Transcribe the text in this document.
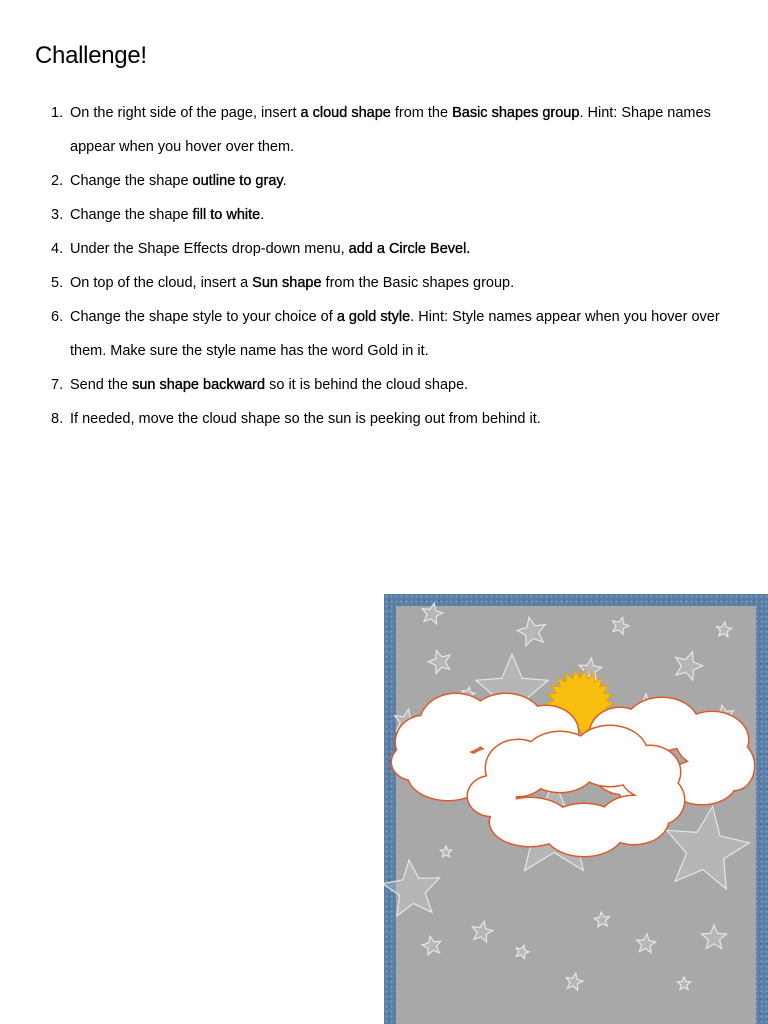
Challenge!
1. On the right side of the page, insert a cloud shape from the Basic shapes group. Hint: Shape names appear when you hover over them.
2. Change the shape outline to gray.
3. Change the shape fill to white.
4. Under the Shape Effects drop-down menu, add a Circle Bevel.
5. On top of the cloud, insert a Sun shape from the Basic shapes group.
6. Change the shape style to your choice of a gold style. Hint: Style names appear when you hover over them. Make sure the style name has the word Gold in it.
7. Send the sun shape backward so it is behind the cloud shape.
8. If needed, move the cloud shape so the sun is peeking out from behind it.
